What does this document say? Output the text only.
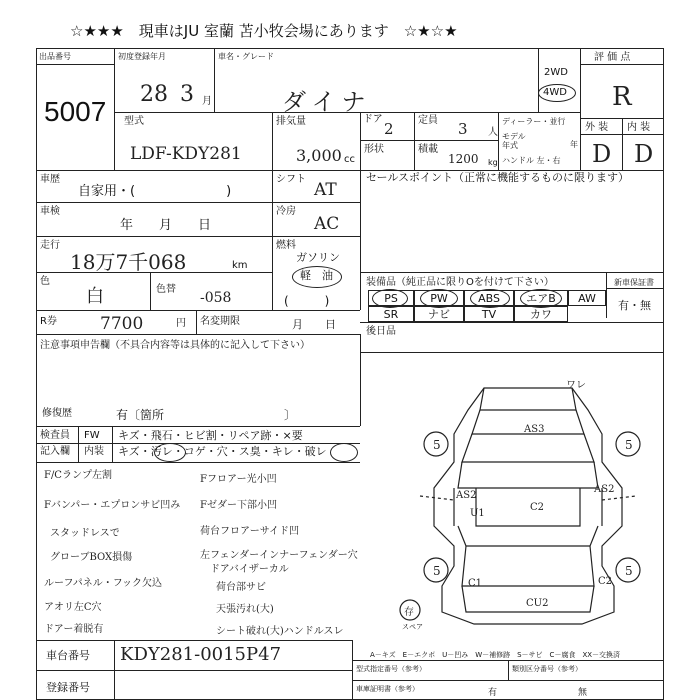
☆★★★　現車はJU 室蘭 苫小牧会場にあります　☆★☆★
出品番号
5007
初度登録年月
28 3 月
車名・グレード
ダイナ
2WD
4WD
評 価 点
R
外 装 内 装
D D
型式
LDF-KDY281
排気量
3,000 cc
ドア
2 定員 3 人
ディーラー・並行
モデル 年式	年
形状	積載
1200 kg ハンドル 左・右
車歴
自家用・(　　　　　　　)
シフト
AT
セールスポイント（正常に機能するものに限ります）
車検
年　　月　　日
冷房
AC
走行
18万7千068	km
燃料
ガソリン
軽　油
色
白	色替
-058	(　　　)
装備品（純正品に限りOを付けて下さい）	新車保証書
有・無
PS	PW	ABS	エアB	AW
SR	ナビ	TV	カワ
R券	7700	円 名変期限	月　　日
後日品
注意事項申告欄（不具合内容等は具体的に記入して下さい）
修復歴	有〔箇所　　　　　　　　　　〕
検査員
記入欄
FW
内装
キズ・飛石・ヒビ割・リペア跡・×要
キズ・汚レ・コゲ・穴・ス臭・キレ・破レ
F/Cランプ左割
Fバンパー・エプロンサビ凹み
スタッドレスで
グローブBOX損傷
ルーフパネル・フック欠込
アオリ左C穴
ドアー着脱有
Fフロアー光小凹
Fゼダー下部小凹
荷台フロアーサイド凹
左フェンダーインナーフェンダー穴
ドアバイザーカル
荷台部サビ
天張汚れ(大)
シート破れ(大)ハンドルスレ
ワレ
AS3
AS2
AS2
U1
C2
C1	C2
CU2
5	5
5	5
存
スペア
車台番号 KDY281-0015P47
登録番号
A－キズ　E－エクボ　U－凹み　W－補修跡　S－サビ　C－腐食　XX－交換済
型式指定番号（参考）	類別区分番号（参考）
車庫証明書（参考）	有	無
